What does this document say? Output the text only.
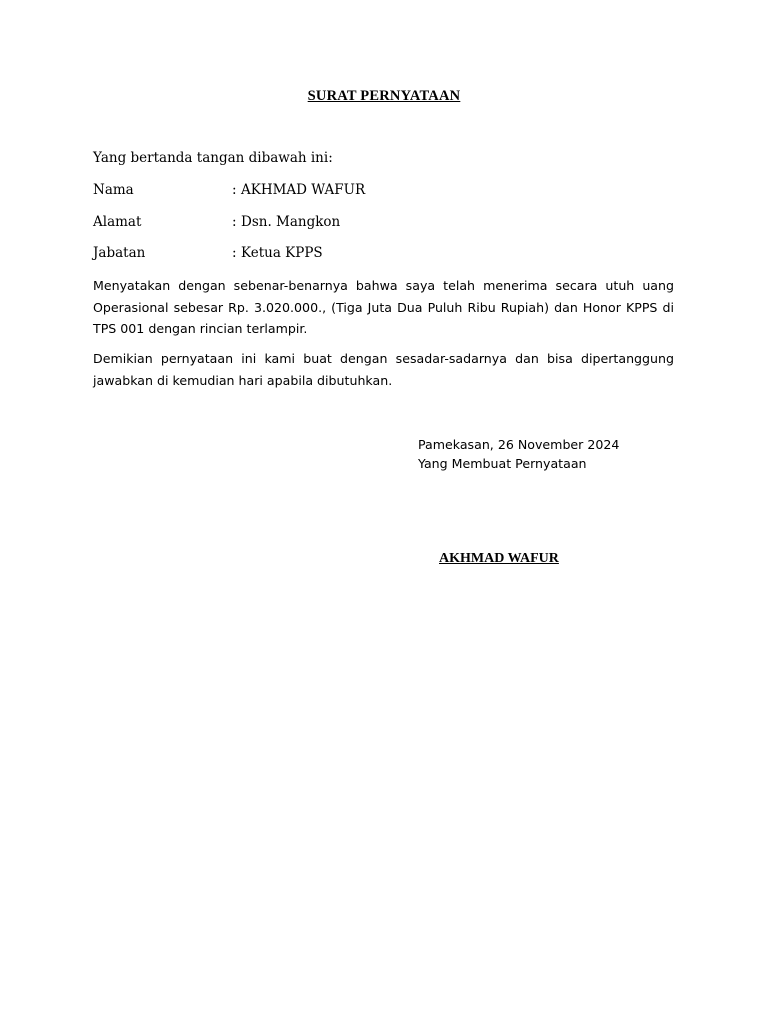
SURAT PERNYATAAN
Yang bertanda tangan dibawah ini:
Nama	: AKHMAD WAFUR
Alamat	: Dsn. Mangkon
Jabatan	: Ketua KPPS

Menyatakan dengan sebenar-benarnya bahwa saya telah menerima secara utuh uang Operasional sebesar Rp. 3.020.000., (Tiga Juta Dua Puluh Ribu Rupiah) dan Honor KPPS di TPS 001 dengan rincian terlampir.

Demikian pernyataan ini kami buat dengan sesadar-sadarnya dan bisa dipertanggung jawabkan di kemudian hari apabila dibutuhkan.

Pamekasan, 26 November 2024
Yang Membuat Pernyataan
AKHMAD WAFUR
